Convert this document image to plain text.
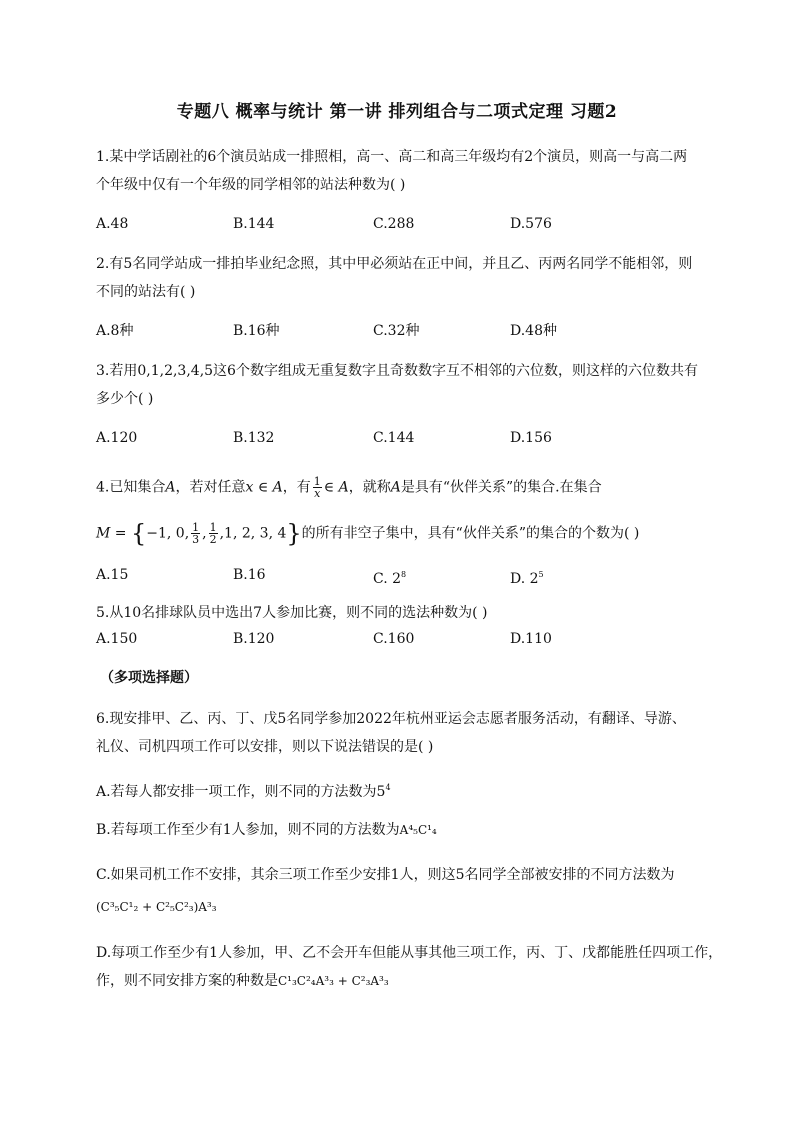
专题八 概率与统计 第一讲 排列组合与二项式定理 习题2
1.某中学话剧社的6个演员站成一排照相，高一、高二和高三年级均有2个演员，则高一与高二两
个年级中仅有一个年级的同学相邻的站法种数为( )
A.48	B.144	C.288	D.576
2.有5名同学站成一排拍毕业纪念照，其中甲必须站在正中间，并且乙、丙两名同学不能相邻，则
不同的站法有( )
A.8种	B.16种	C.32种	D.48种
3.若用0,1,2,3,4,5这6个数字组成无重复数字且奇数数字互不相邻的六位数，则这样的六位数共有
多少个( )
A.120	B.132	C.144	D.156
4.已知集合A，若对任意x ∈ A，有 $\frac{1}{x}$ ∈ A，就称A是具有“伙伴关系”的集合.在集合
M = {−1, 0, $\frac{1}{3}$ , $\frac{1}{2} ,1$, 2, 3, 4}的所有非空子集中，具有“伙伴关系”的集合的个数为( )
A.15	B.16	C. $2^8$	D. $2^5$
5.从10名排球队员中选出7人参加比赛，则不同的选法种数为( )
A.150	B.120	C.160	D.110
（多项选择题）
6.现安排甲、乙、丙、丁、戊5名同学参加2022年杭州亚运会志愿者服务活动，有翻译、导游、
礼仪、司机四项工作可以安排，则以下说法错误的是( )
A.若每人都安排一项工作，则不同的方法数为$5^4$
B.若每项工作至少有1人参加，则不同的方法数为A⁴₅C¹₄
C.如果司机工作不安排，其余三项工作至少安排1人，则这5名同学全部被安排的不同方法数为
(C³₅C¹₂ + C²₅C²₃)A³₃
D.每项工作至少有1人参加，甲、乙不会开车但能从事其他三项工作，丙、丁、戊都能胜任四项工作，
作，则不同安排方案的种数是C¹₃C²₄A³₃ + C²₃A³₃
